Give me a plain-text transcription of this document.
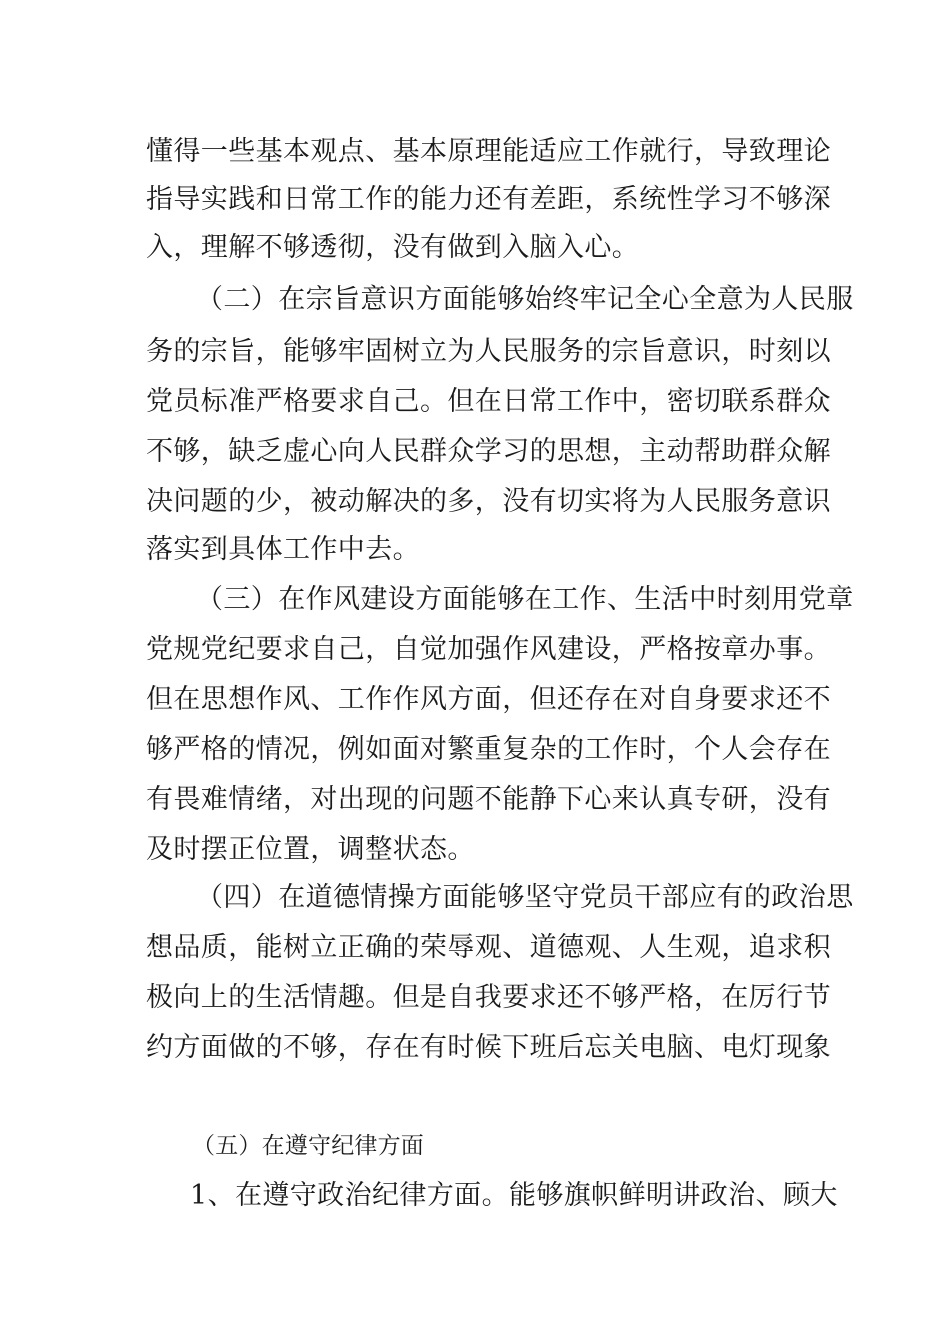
懂得一些基本观点、基本原理能适应工作就行，导致理论
指导实践和日常工作的能力还有差距，系统性学习不够深
入，理解不够透彻，没有做到入脑入心。
（二）在宗旨意识方面能够始终牢记全心全意为人民服
务的宗旨，能够牢固树立为人民服务的宗旨意识，时刻以
党员标准严格要求自己。但在日常工作中，密切联系群众
不够，缺乏虚心向人民群众学习的思想，主动帮助群众解
决问题的少，被动解决的多，没有切实将为人民服务意识
落实到具体工作中去。
（三）在作风建设方面能够在工作、生活中时刻用党章
党规党纪要求自己，自觉加强作风建设，严格按章办事。
但在思想作风、工作作风方面，但还存在对自身要求还不
够严格的情况，例如面对繁重复杂的工作时，个人会存在
有畏难情绪，对出现的问题不能静下心来认真专研，没有
及时摆正位置，调整状态。
（四）在道德情操方面能够坚守党员干部应有的政治思
想品质，能树立正确的荣辱观、道德观、人生观，追求积
极向上的生活情趣。但是自我要求还不够严格，在厉行节
约方面做的不够，存在有时候下班后忘关电脑、电灯现象
（五）在遵守纪律方面
1、在遵守政治纪律方面。能够旗帜鲜明讲政治、顾大
